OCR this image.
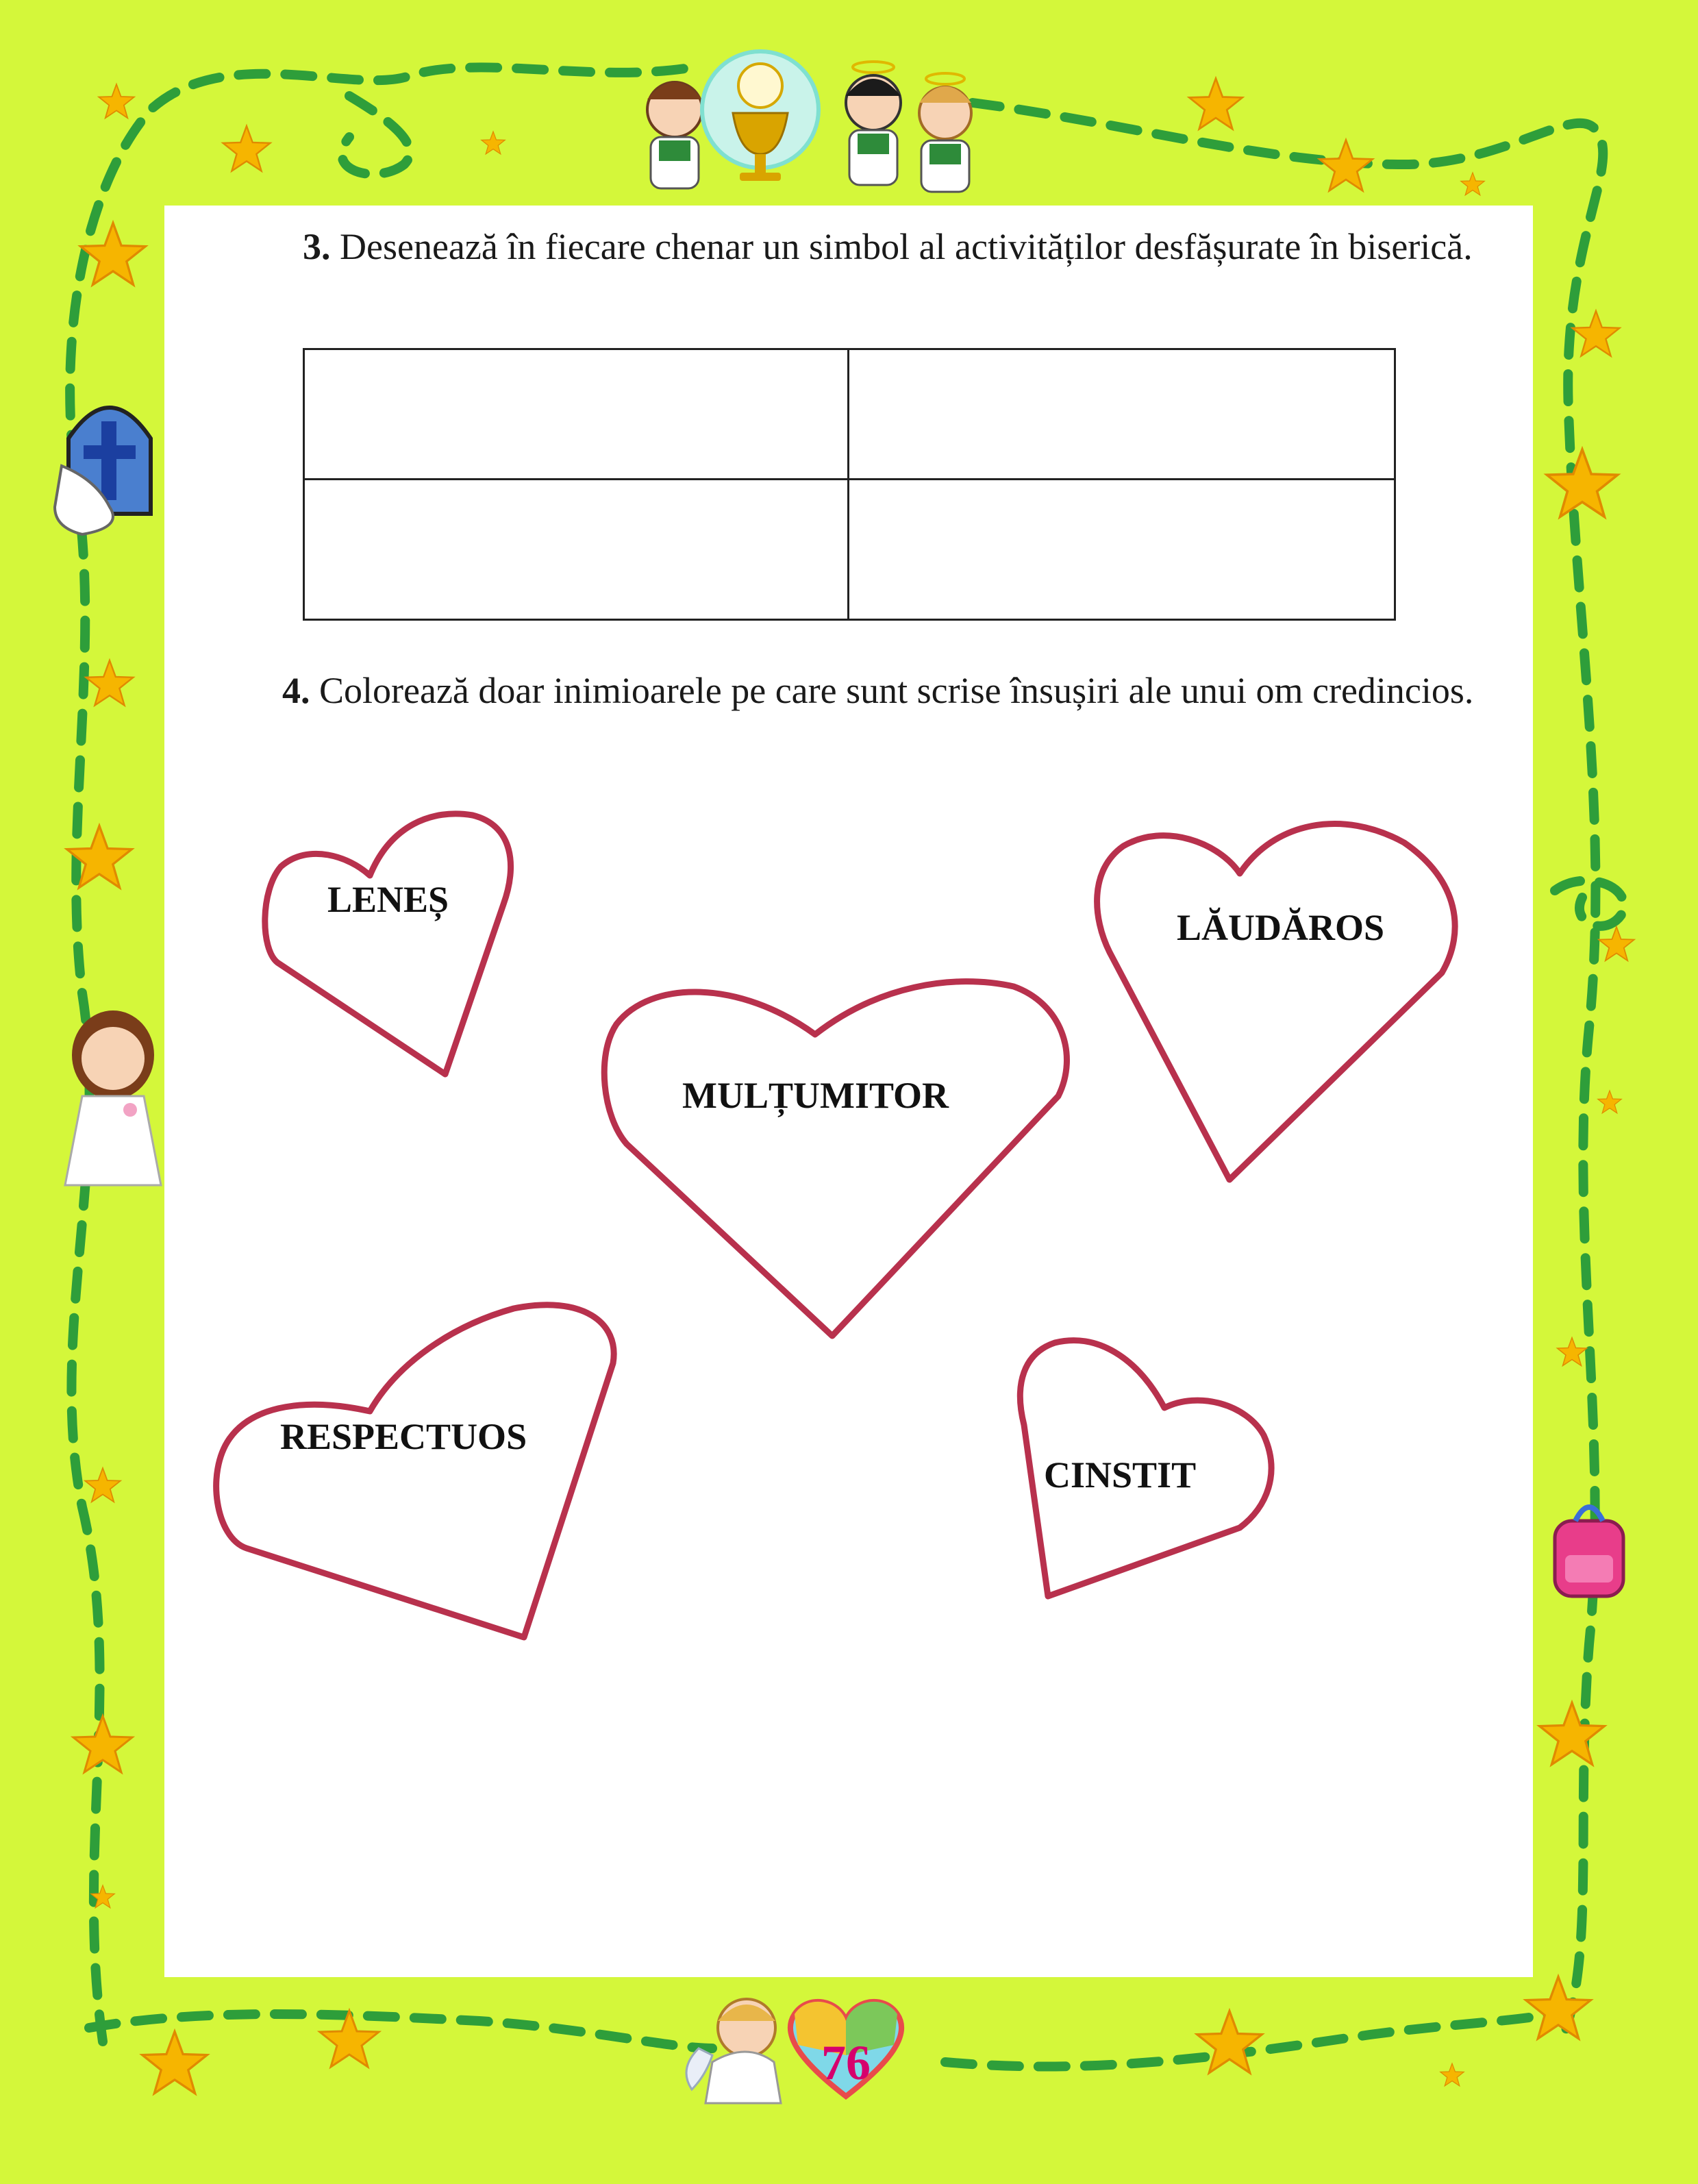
3. Desenează în fiecare chenar un simbol al activităților desfășurate în biserică.
4. Colorează doar inimioarele pe care sunt scrise însușiri ale unui om credincios.
LENEȘ
LĂUDĂROS
MULȚUMITOR
RESPECTUOS
CINSTIT
76
